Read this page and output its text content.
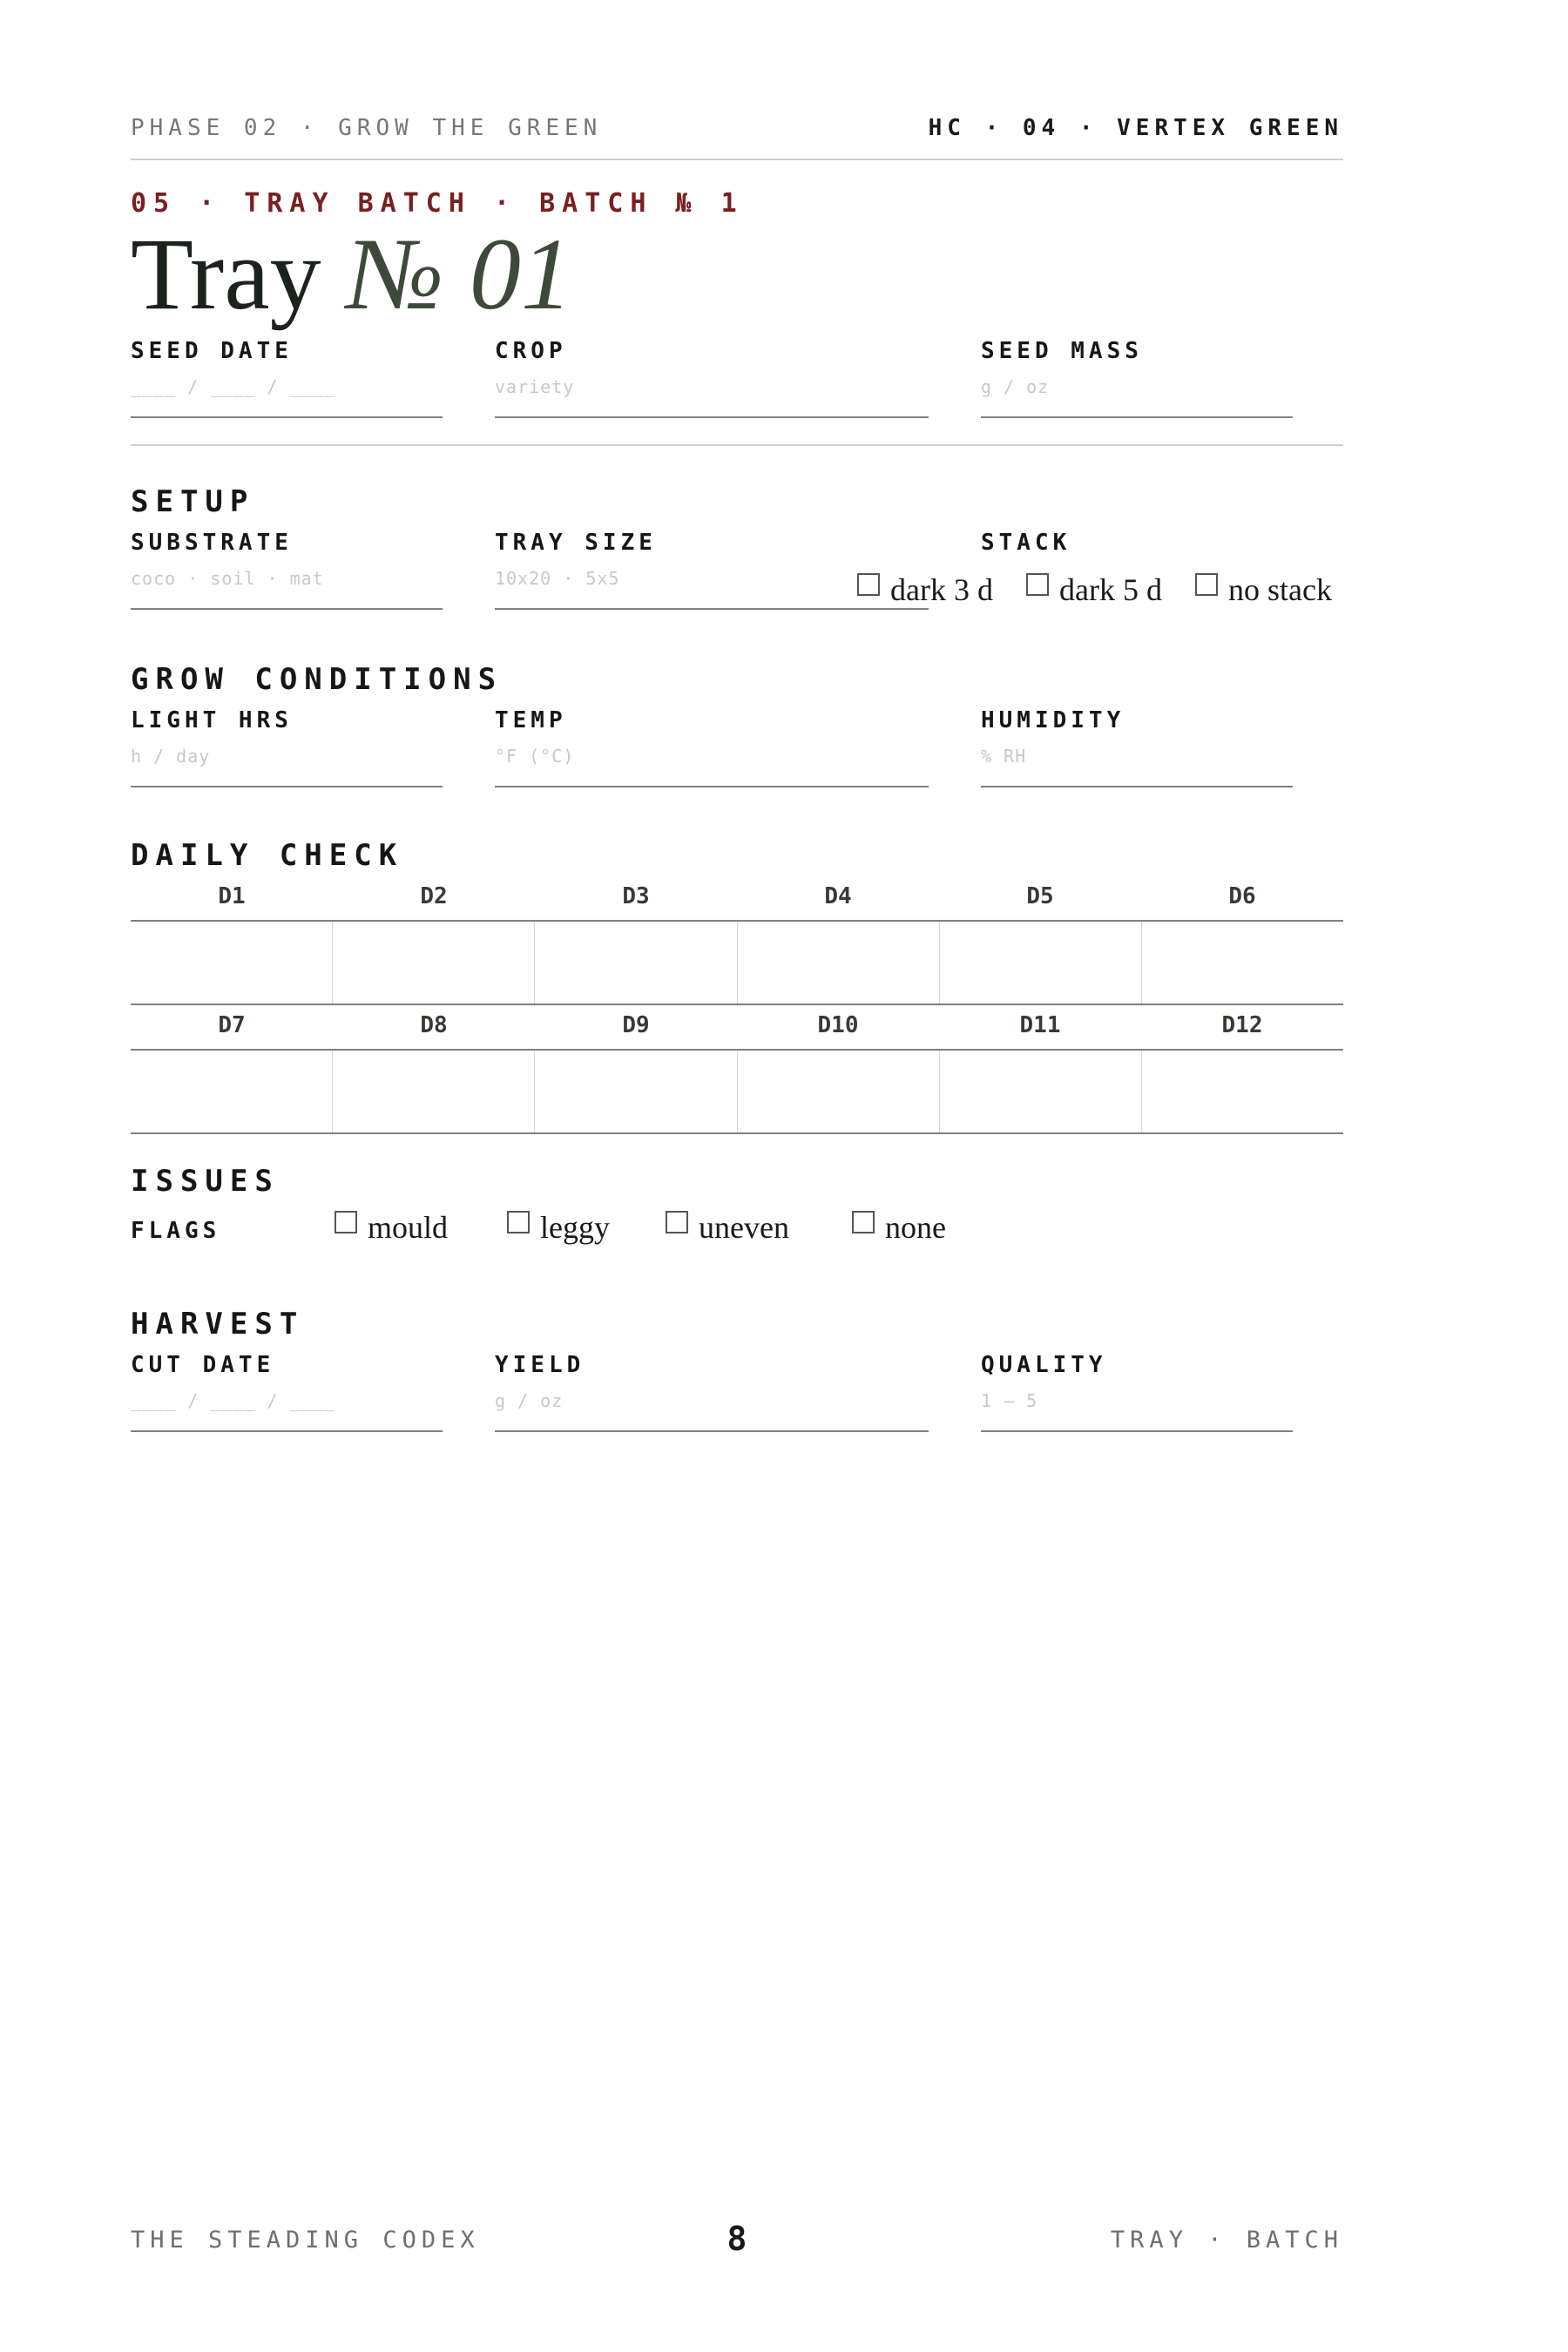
PHASE 02 · GROW THE GREEN	HC · 04 · VERTEX GREEN
05 · TRAY BATCH · BATCH № 1
Tray № 01
SEED DATE
____ / ____ / ____
CROP
variety
SEED MASS
g / oz
SETUP
SUBSTRATE
coco · soil · mat
TRAY SIZE
10x20 · 5x5
STACK
dark 3 d dark 5 d no stack
GROW CONDITIONS
LIGHT HRS
h / day
TEMP
°F (°C)
HUMIDITY
% RH
DAILY CHECK
D1	D2	D3	D4	D5	D6
D7	D8	D9	D10	D11	D12
ISSUES
FLAGS	mould	leggy	uneven	none
HARVEST
CUT DATE
____ / ____ / ____
YIELD
g / oz
QUALITY
1 – 5
THE STEADING CODEX	8	TRAY · BATCH
